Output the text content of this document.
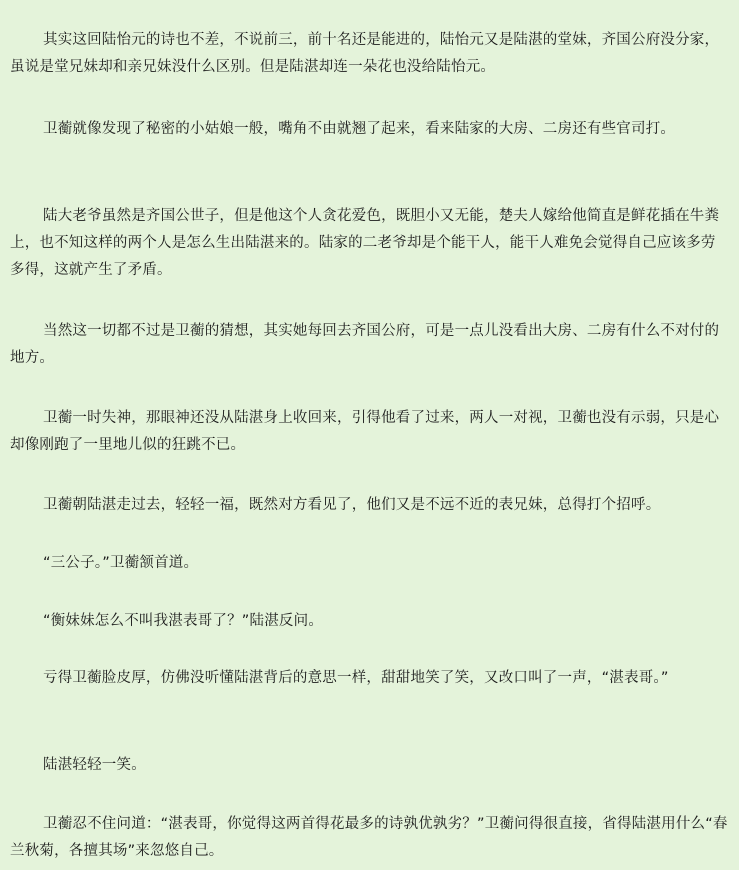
其实这回陆怡元的诗也不差，不说前三，前十名还是能进的，陆怡元又是陆湛的堂妹，齐国公府没分家，虽说是堂兄妹却和亲兄妹没什么区别。但是陆湛却连一朵花也没给陆怡元。

卫蘅就像发现了秘密的小姑娘一般，嘴角不由就翘了起来，看来陆家的大房、二房还有些官司打。

陆大老爷虽然是齐国公世子，但是他这个人贪花爱色，既胆小又无能，楚夫人嫁给他简直是鲜花插在牛粪上，也不知这样的两个人是怎么生出陆湛来的。陆家的二老爷却是个能干人，能干人难免会觉得自己应该多劳多得，这就产生了矛盾。

当然这一切都不过是卫蘅的猜想，其实她每回去齐国公府，可是一点儿没看出大房、二房有什么不对付的地方。

卫蘅一时失神，那眼神还没从陆湛身上收回来，引得他看了过来，两人一对视，卫蘅也没有示弱，只是心却像刚跑了一里地儿似的狂跳不已。

卫蘅朝陆湛走过去，轻轻一福，既然对方看见了，他们又是不远不近的表兄妹，总得打个招呼。

“三公子。”卫蘅颔首道。

“衡妹妹怎么不叫我湛表哥了？”陆湛反问。

亏得卫蘅脸皮厚，仿佛没听懂陆湛背后的意思一样，甜甜地笑了笑，又改口叫了一声，“湛表哥。”

陆湛轻轻一笑。

卫蘅忍不住问道：“湛表哥，你觉得这两首得花最多的诗孰优孰劣？”卫蘅问得很直接，省得陆湛用什么“春兰秋菊，各擅其场”来忽悠自己。
